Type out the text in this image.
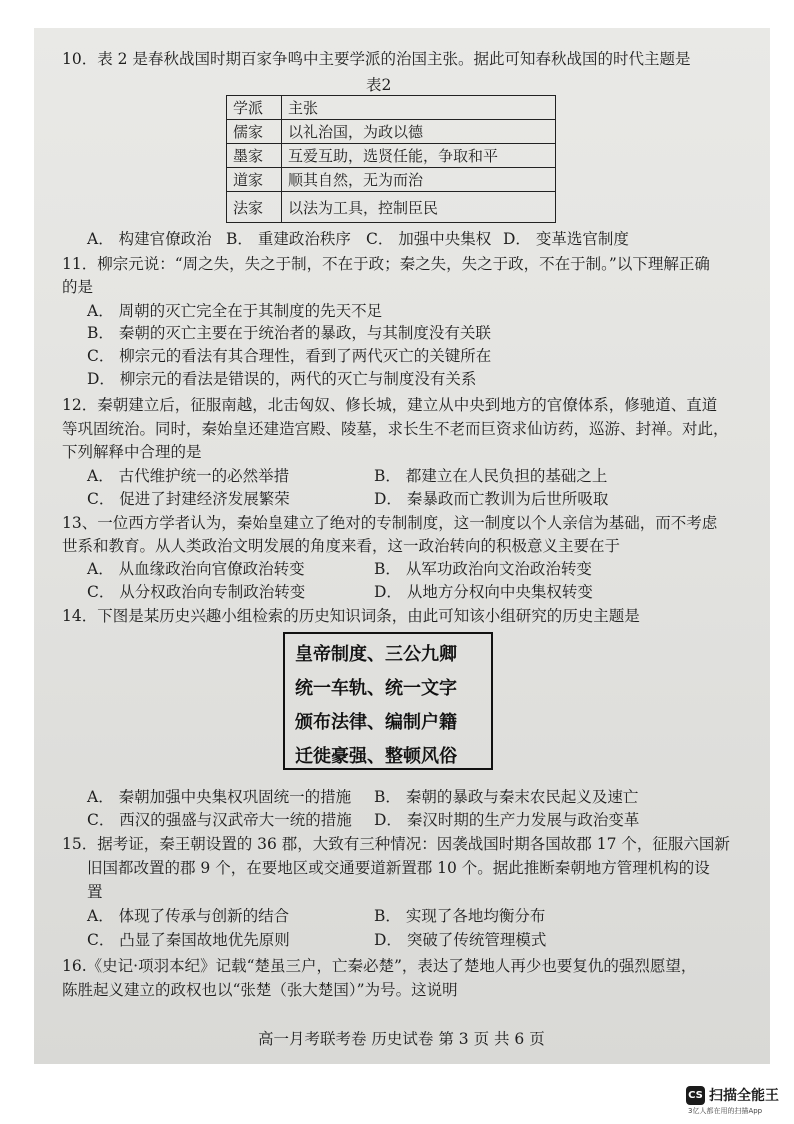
10．表 2 是春秋战国时期百家争鸣中主要学派的治国主张。据此可知春秋战国的时代主题是
表2
学派	主张
儒家	以礼治国，为政以德
墨家	互爱互助，选贤任能，争取和平
道家	顺其自然，无为而治
法家	以法为工具，控制臣民
A． 构建官僚政治 B． 重建政治秩序 C． 加强中央集权 D． 变革选官制度
11．柳宗元说：“周之失，失之于制，不在于政；秦之失，失之于政，不在于制。”以下理解正确
的是
A． 周朝的灭亡完全在于其制度的先天不足
B． 秦朝的灭亡主要在于统治者的暴政，与其制度没有关联
C． 柳宗元的看法有其合理性，看到了两代灭亡的关键所在
D． 柳宗元的看法是错误的，两代的灭亡与制度没有关系
12．秦朝建立后，征服南越，北击匈奴、修长城，建立从中央到地方的官僚体系，修驰道、直道
等巩固统治。同时，秦始皇还建造宫殿、陵墓，求长生不老而巨资求仙访药，巡游、封禅。对此，
下列解释中合理的是
A． 古代维护统一的必然举措	B． 都建立在人民负担的基础之上
C． 促进了封建经济发展繁荣	D． 秦暴政而亡教训为后世所吸取
13、一位西方学者认为，秦始皇建立了绝对的专制制度，这一制度以个人亲信为基础，而不考虑
世系和教育。从人类政治文明发展的角度来看，这一政治转向的积极意义主要在于
A． 从血缘政治向官僚政治转变	B． 从军功政治向文治政治转变
C． 从分权政治向专制政治转变	D． 从地方分权向中央集权转变
14．下图是某历史兴趣小组检索的历史知识词条，由此可知该小组研究的历史主题是
皇帝制度、三公九卿
统一车轨、统一文字
颁布法律、编制户籍
迁徙豪强、整顿风俗
A． 秦朝加强中央集权巩固统一的措施 B． 秦朝的暴政与秦末农民起义及速亡
C． 西汉的强盛与汉武帝大一统的措施 D． 秦汉时期的生产力发展与政治变革
15．据考证，秦王朝设置的 36 郡，大致有三种情况：因袭战国时期各国故郡 17 个，征服六国新
旧国都改置的郡 9 个，在要地区或交通要道新置郡 10 个。据此推断秦朝地方管理机构的设
置
A． 体现了传承与创新的结合	B． 实现了各地均衡分布
C． 凸显了秦国故地优先原则	D． 突破了传统管理模式
16.《史记·项羽本纪》记载“楚虽三户，亡秦必楚”，表达了楚地人再少也要复仇的强烈愿望，
陈胜起义建立的政权也以“张楚（张大楚国）”为号。这说明
高一月考联考卷 历史试卷 第 3 页 共 6 页
CS 扫描全能王
3亿人都在用的扫描App
